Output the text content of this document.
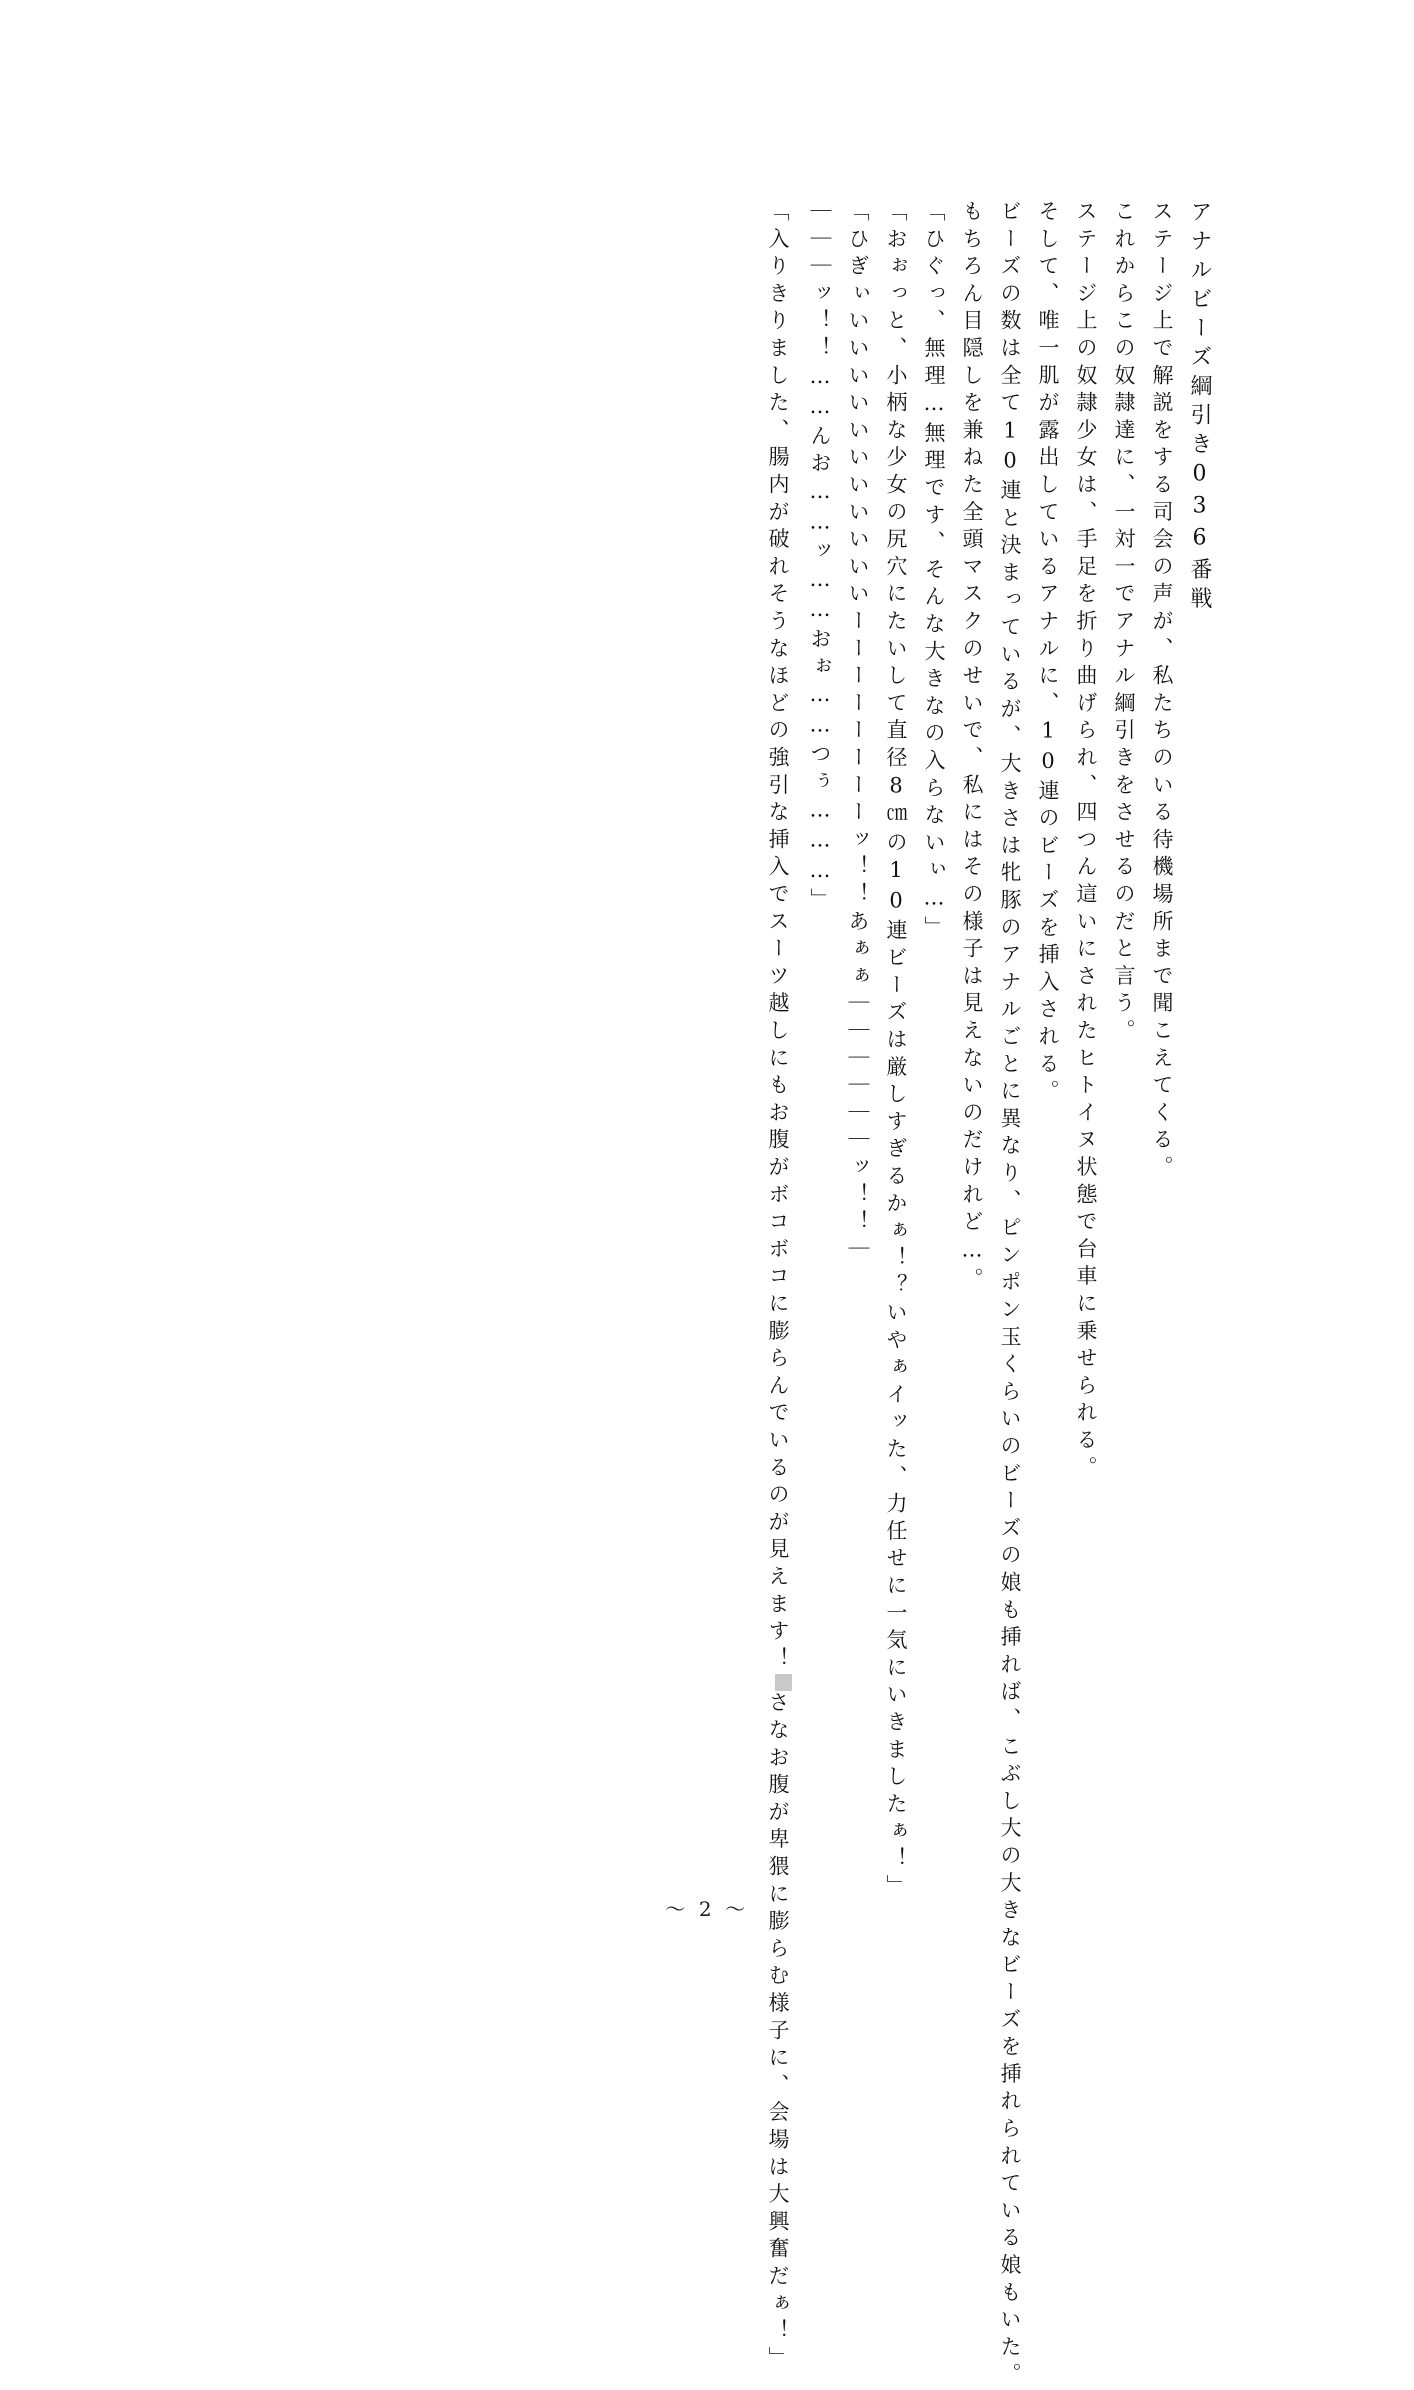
アナルビーズ綱引き036番戦
ステージ上で解説をする司会の声が、私たちのいる待機場所まで聞こえてくる。
これからこの奴隷達に、一対一でアナル綱引きをさせるのだと言う。
ステージ上の奴隷少女は、手足を折り曲げられ、四つん這いにされたヒトイヌ状態で台車に乗せられる。
そして、唯一肌が露出しているアナルに、10連のビーズを挿入される。
ビーズの数は全て10連と決まっているが、大きさは牝豚のアナルごとに異なり、ピンポン玉くらいのビーズの娘も挿れば、こぶし大の大きなビーズを挿れられている娘もいた。
もちろん目隠しを兼ねた全頭マスクのせいで、私にはその様子は見えないのだけれど…。
「ひぐっ、無理…無理です、そんな大きなの入らないぃ…」
「おぉっと、小柄な少女の尻穴にたいして直径8㎝の10連ビーズは厳しすぎるかぁ！？いやぁイッた、力任せに一気にいきましたぁ！」
「ひぎぃいいいいいいいいいいいーーーーーーーーッ！！あぁぁ｜｜｜｜｜｜ッ！！｜
｜｜｜ッ！！……んお……ッ……おぉ……つぅ………」
「入りきりました、腸内が破れそうなほどの強引な挿入でスーツ越しにもお腹がボコボコに膨らんでいるのが見えます！さなお腹が卑猥に膨らむ様子に、会場は大興奮だぁ！」
～ 2 ～
